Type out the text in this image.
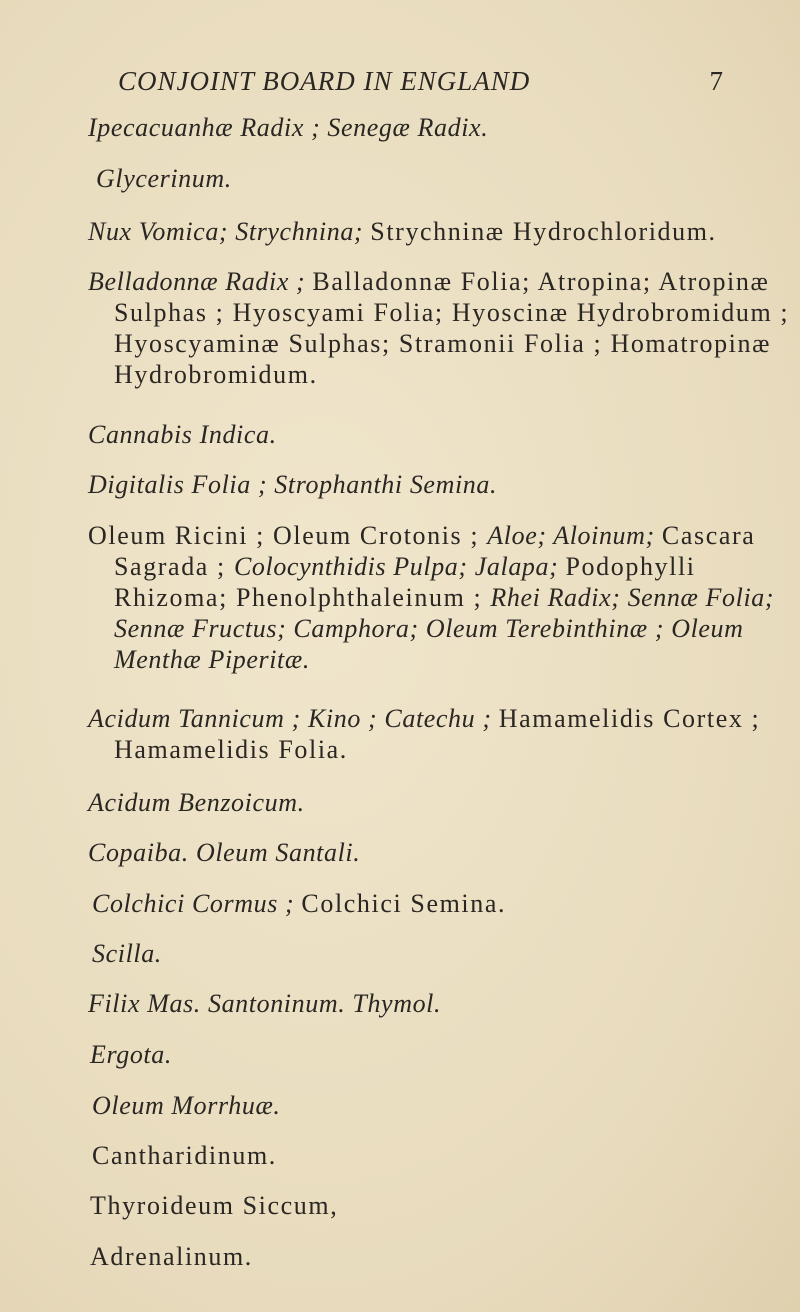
CONJOINT BOARD IN ENGLAND	7
Ipecacuanhæ Radix ; Senegæ Radix.
Glycerinum.
Nux Vomica; Strychnina; Strychninæ Hydrochloridum.
Belladonnæ Radix ; Balladonnæ Folia; Atropina; Atropinæ Sulphas ; Hyoscyami Folia; Hyoscinæ Hydrobromidum ; Hyoscyaminæ Sulphas; Stramonii Folia ; Homatropinæ Hydrobromidum.
Cannabis Indica.
Digitalis Folia ; Strophanthi Semina.
Oleum Ricini ; Oleum Crotonis ; Aloe; Aloinum; Cascara Sagrada ; Colocynthidis Pulpa; Jalapa; Podophylli Rhizoma; Phenolphthaleinum ; Rhei Radix; Sennæ Folia; Sennæ Fructus; Camphora; Oleum Terebinthinæ ; Oleum Menthæ Piperitæ.
Acidum Tannicum ; Kino ; Catechu ; Hamamelidis Cortex ; Hamamelidis Folia.
Acidum Benzoicum.
Copaiba. Oleum Santali.
Colchici Cormus ; Colchici Semina.
Scilla.
Filix Mas. Santoninum. Thymol.
Ergota.
Oleum Morrhuæ.
Cantharidinum.
Thyroideum Siccum,
Adrenalinum.
